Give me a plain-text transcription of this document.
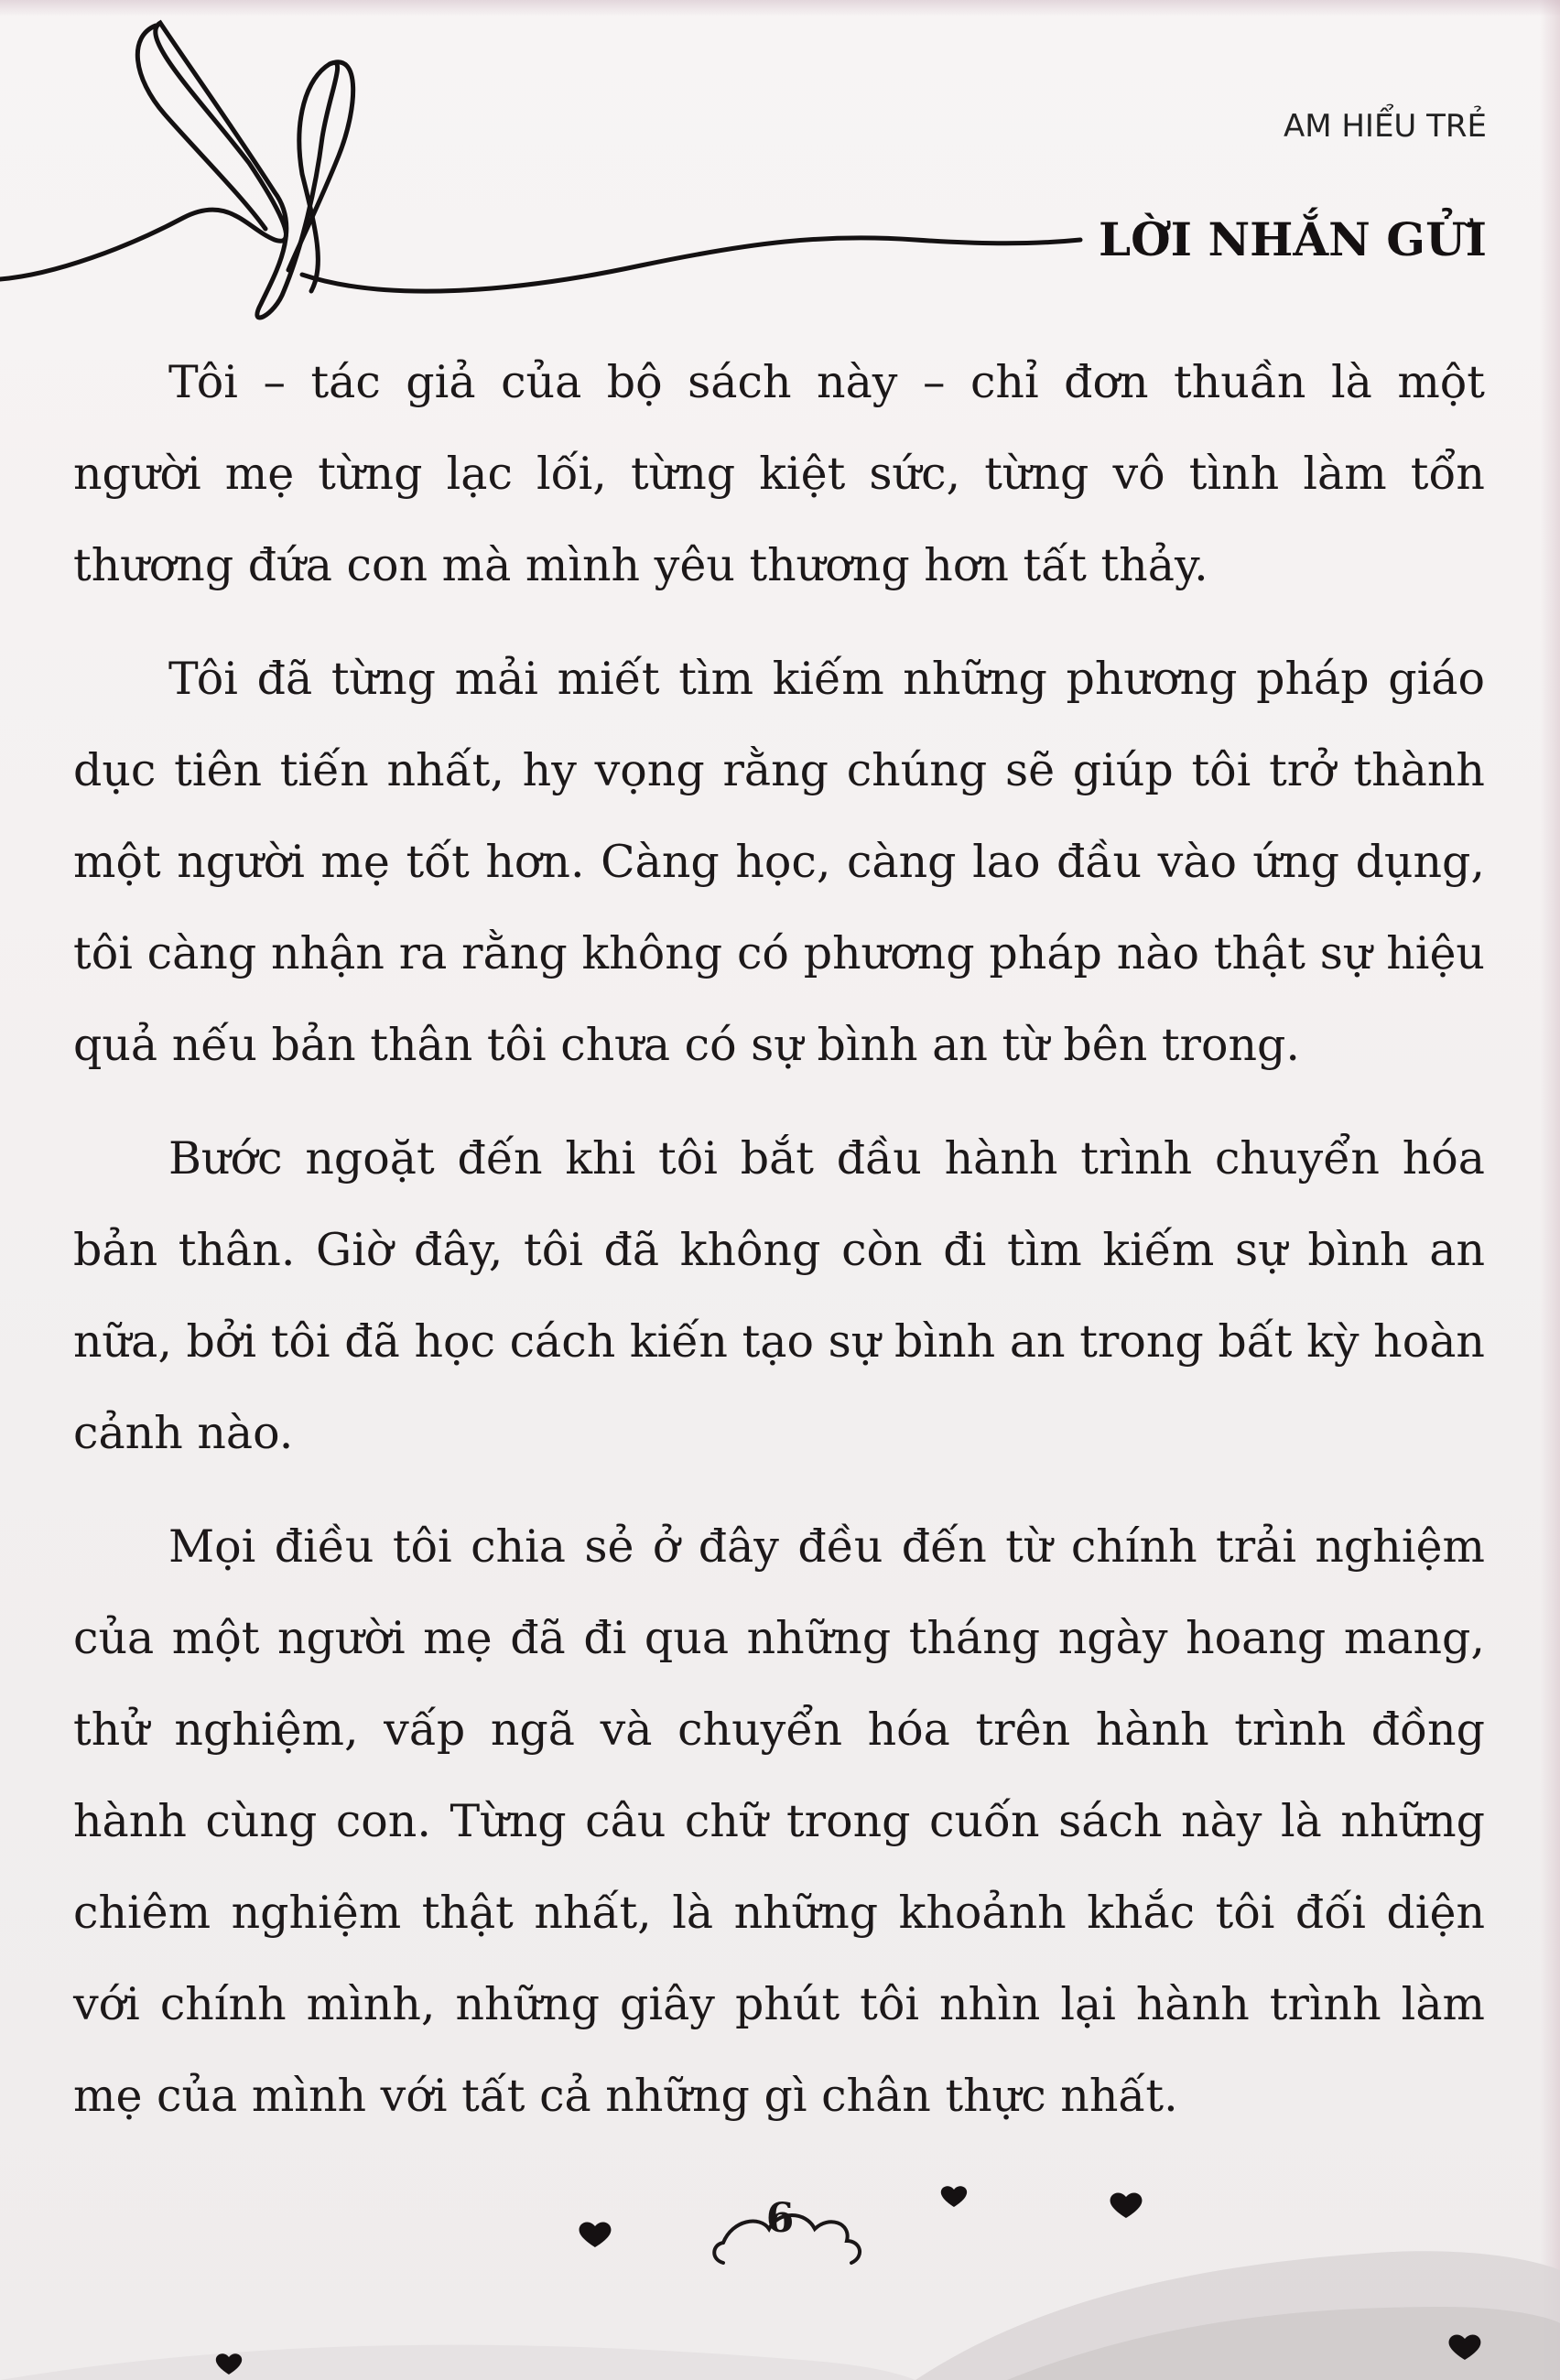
AM HIỂU TRẺ
LỜI NHẮN GỬI

Tôi – tác giả của bộ sách này – chỉ đơn thuần là một người mẹ từng lạc lối, từng kiệt sức, từng vô tình làm tổn thương đứa con mà mình yêu thương hơn tất thảy.

Tôi đã từng mải miết tìm kiếm những phương pháp giáo dục tiên tiến nhất, hy vọng rằng chúng sẽ giúp tôi trở thành một người mẹ tốt hơn. Càng học, càng lao đầu vào ứng dụng, tôi càng nhận ra rằng không có phương pháp nào thật sự hiệu quả nếu bản thân tôi chưa có sự bình an từ bên trong.

Bước ngoặt đến khi tôi bắt đầu hành trình chuyển hóa bản thân. Giờ đây, tôi đã không còn đi tìm kiếm sự bình an nữa, bởi tôi đã học cách kiến tạo sự bình an trong bất kỳ hoàn cảnh nào.

Mọi điều tôi chia sẻ ở đây đều đến từ chính trải nghiệm của một người mẹ đã đi qua những tháng ngày hoang mang, thử nghiệm, vấp ngã và chuyển hóa trên hành trình đồng hành cùng con. Từng câu chữ trong cuốn sách này là những chiêm nghiệm thật nhất, là những khoảnh khắc tôi đối diện với chính mình, những giây phút tôi nhìn lại hành trình làm mẹ của mình với tất cả những gì chân thực nhất.

6
